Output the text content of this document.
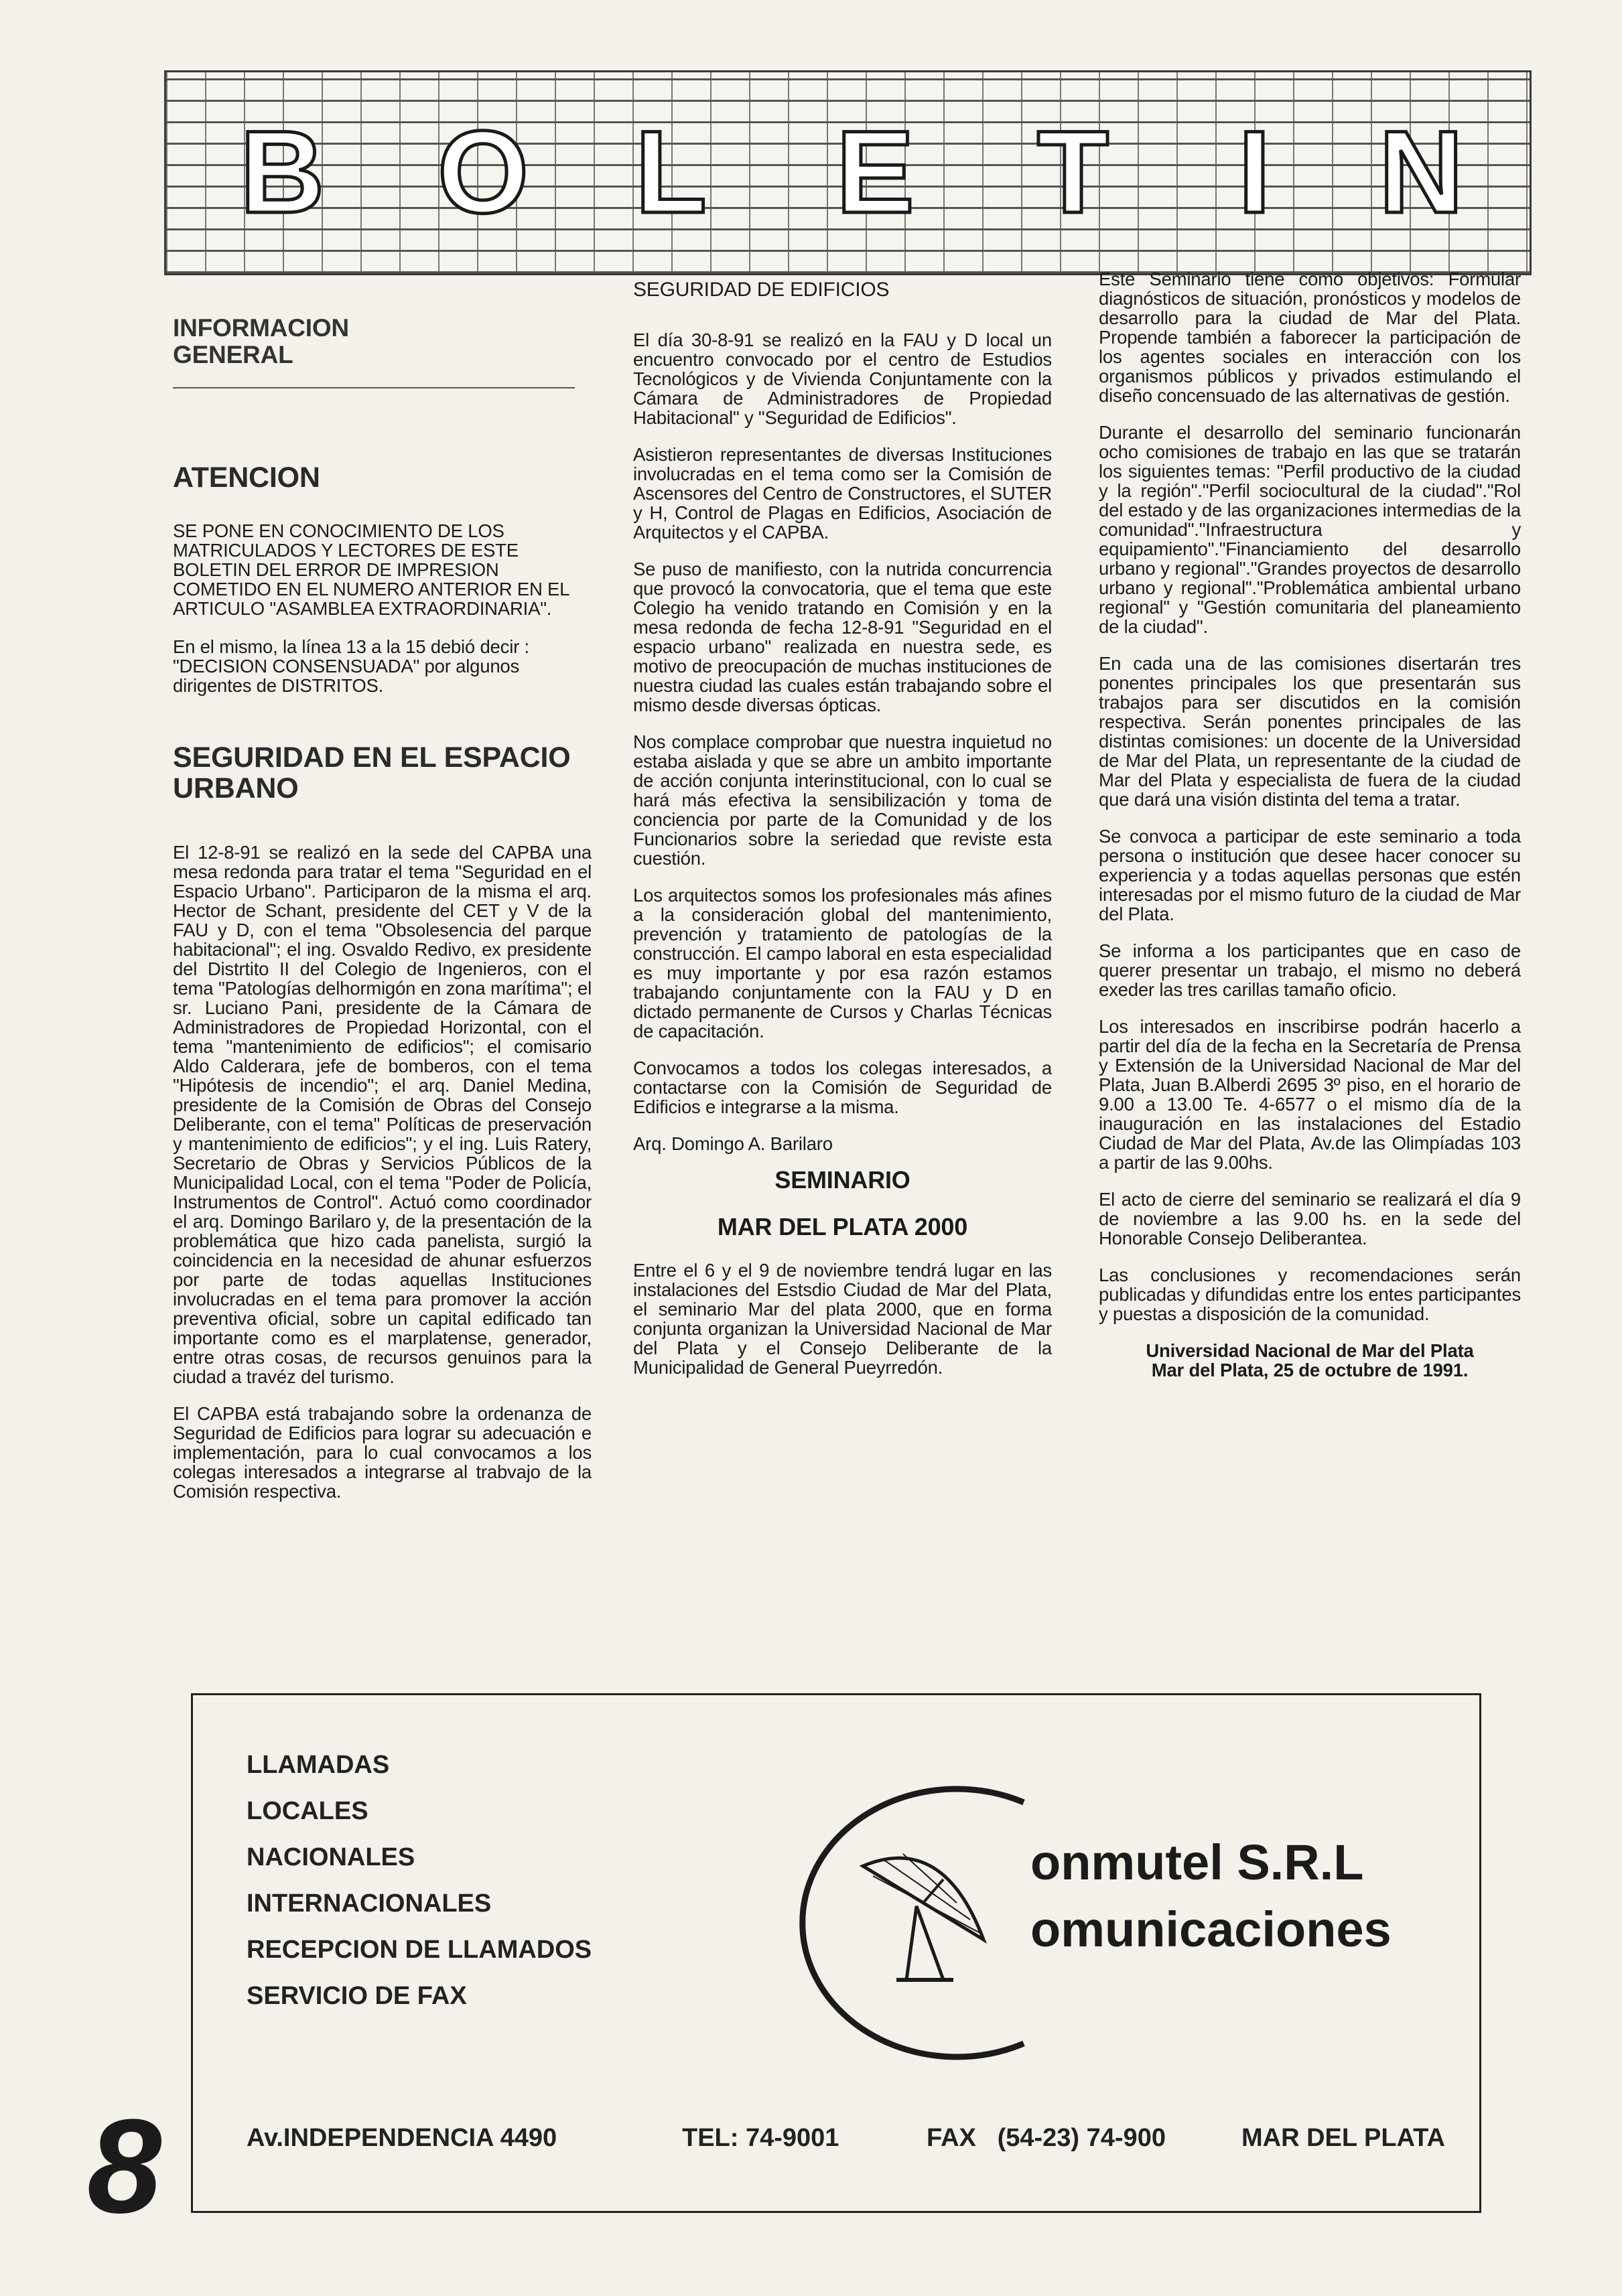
B O L E T I N
INFORMACION
GENERAL
ATENCION

SE PONE EN CONOCIMIENTO DE LOS MATRICULADOS Y LECTORES DE ESTE BOLETIN DEL ERROR DE IMPRESION COMETIDO EN EL NUMERO ANTERIOR EN EL ARTICULO "ASAMBLEA EXTRAORDINARIA".

En el mismo, la línea 13 a la 15 debió decir : "DECISION CONSENSUADA" por algunos dirigentes de DISTRITOS.

SEGURIDAD EN EL ESPACIO URBANO

El 12-8-91 se realizó en la sede del CAPBA una mesa redonda para tratar el tema "Seguridad en el Espacio Urbano". Participaron de la misma el arq. Hector de Schant, presidente del CET y V de la FAU y D, con el tema "Obsolesencia del parque habitacional"; el ing. Osvaldo Redivo, ex presidente del Distrtito II del Colegio de Ingenieros, con el tema "Patologías delhormigón en zona marítima"; el sr. Luciano Pani, presidente de la Cámara de Administradores de Propiedad Horizontal, con el tema "mantenimiento de edificios"; el comisario Aldo Calderara, jefe de bomberos, con el tema "Hipótesis de incendio"; el arq. Daniel Medina, presidente de la Comisión de Obras del Consejo Deliberante, con el tema" Políticas de preservación y mantenimiento de edificios"; y el ing. Luis Ratery, Secretario de Obras y Servicios Públicos de la Municipalidad Local, con el tema "Poder de Policía, Instrumentos de Control". Actuó como coordinador el arq. Domingo Barilaro y, de la presentación de la problemática que hizo cada panelista, surgió la coincidencia en la necesidad de ahunar esfuerzos por parte de todas aquellas Instituciones involucradas en el tema para promover la acción preventiva oficial, sobre un capital edificado tan importante como es el marplatense, generador, entre otras cosas, de recursos genuinos para la ciudad a travéz del turismo.

El CAPBA está trabajando sobre la ordenanza de Seguridad de Edificios para lograr su adecuación e implementación, para lo cual convocamos a los colegas interesados a integrarse al trabvajo de la Comisión respectiva.

SEGURIDAD DE EDIFICIOS

El día 30-8-91 se realizó en la FAU y D local un encuentro convocado por el centro de Estudios Tecnológicos y de Vivienda Conjuntamente con la Cámara de Administradores de Propiedad Habitacional" y "Seguridad de Edificios".

Asistieron representantes de diversas Instituciones involucradas en el tema como ser la Comisión de Ascensores del Centro de Constructores, el SUTER y H, Control de Plagas en Edificios, Asociación de Arquitectos y el CAPBA.

Se puso de manifiesto, con la nutrida concurrencia que provocó la convocatoria, que el tema que este Colegio ha venido tratando en Comisión y en la mesa redonda de fecha 12-8-91 "Seguridad en el espacio urbano" realizada en nuestra sede, es motivo de preocupación de muchas instituciones de nuestra ciudad las cuales están trabajando sobre el mismo desde diversas ópticas.

Nos complace comprobar que nuestra inquietud no estaba aislada y que se abre un ambito importante de acción conjunta interinstitucional, con lo cual se hará más efectiva la sensibilización y toma de conciencia por parte de la Comunidad y de los Funcionarios sobre la seriedad que reviste esta cuestión.

Los arquitectos somos los profesionales más afines a la consideración global del mantenimiento, prevención y tratamiento de patologías de la construcción. El campo laboral en esta especialidad es muy importante y por esa razón estamos trabajando conjuntamente con la FAU y D en dictado permanente de Cursos y Charlas Técnicas de capacitación.

Convocamos a todos los colegas interesados, a contactarse con la Comisión de Seguridad de Edificios e integrarse a la misma.

Arq. Domingo A. Barilaro

SEMINARIO

MAR DEL PLATA 2000

Entre el 6 y el 9 de noviembre tendrá lugar en las instalaciones del Estsdio Ciudad de Mar del Plata, el seminario Mar del plata 2000, que en forma conjunta organizan la Universidad Nacional de Mar del Plata y el Consejo Deliberante de la Municipalidad de General Pueyrredón.

Este Seminario tiene como objetivos: Formular diagnósticos de situación, pronósticos y modelos de desarrollo para la ciudad de Mar del Plata. Propende también a faborecer la participación de los agentes sociales en interacción con los organismos públicos y privados estimulando el diseño concensuado de las alternativas de gestión.

Durante el desarrollo del seminario funcionarán ocho comisiones de trabajo en las que se tratarán los siguientes temas: "Perfil productivo de la ciudad y la región"."Perfil sociocultural de la ciudad"."Rol del estado y de las organizaciones intermedias de la comunidad"."Infraestructura y equipamiento"."Financiamiento del desarrollo urbano y regional"."Grandes proyectos de desarrollo urbano y regional"."Problemática ambiental urbano regional" y "Gestión comunitaria del planeamiento de la ciudad".

En cada una de las comisiones disertarán tres ponentes principales los que presentarán sus trabajos para ser discutidos en la comisión respectiva. Serán ponentes principales de las distintas comisiones: un docente de la Universidad de Mar del Plata, un representante de la ciudad de Mar del Plata y especialista de fuera de la ciudad que dará una visión distinta del tema a tratar.

Se convoca a participar de este seminario a toda persona o institución que desee hacer conocer su experiencia y a todas aquellas personas que estén interesadas por el mismo futuro de la ciudad de Mar del Plata.

Se informa a los participantes que en caso de querer presentar un trabajo, el mismo no deberá exeder las tres carillas tamaño oficio.

Los interesados en inscribirse podrán hacerlo a partir del día de la fecha en la Secretaría de Prensa y Extensión de la Universidad Nacional de Mar del Plata, Juan B.Alberdi 2695 3º piso, en el horario de 9.00 a 13.00 Te. 4-6577 o el mismo día de la inauguración en las instalaciones del Estadio Ciudad de Mar del Plata, Av.de las Olimpíadas 103 a partir de las 9.00hs.

El acto de cierre del seminario se realizará el día 9 de noviembre a las 9.00 hs. en la sede del Honorable Consejo Deliberantea.

Las conclusiones y recomendaciones serán publicadas y difundidas entre los entes participantes y puestas a disposición de la comunidad.

Universidad Nacional de Mar del Plata

Mar del Plata, 25 de octubre de 1991.

LLAMADAS
LOCALES
NACIONALES
INTERNACIONALES
RECEPCION DE LLAMADOS
SERVICIO DE FAX
onmutel S.R.L
omunicaciones
Av.INDEPENDENCIA 4490	TEL: 74-9001	FAX   (54-23) 74-900	MAR DEL PLATA
8
